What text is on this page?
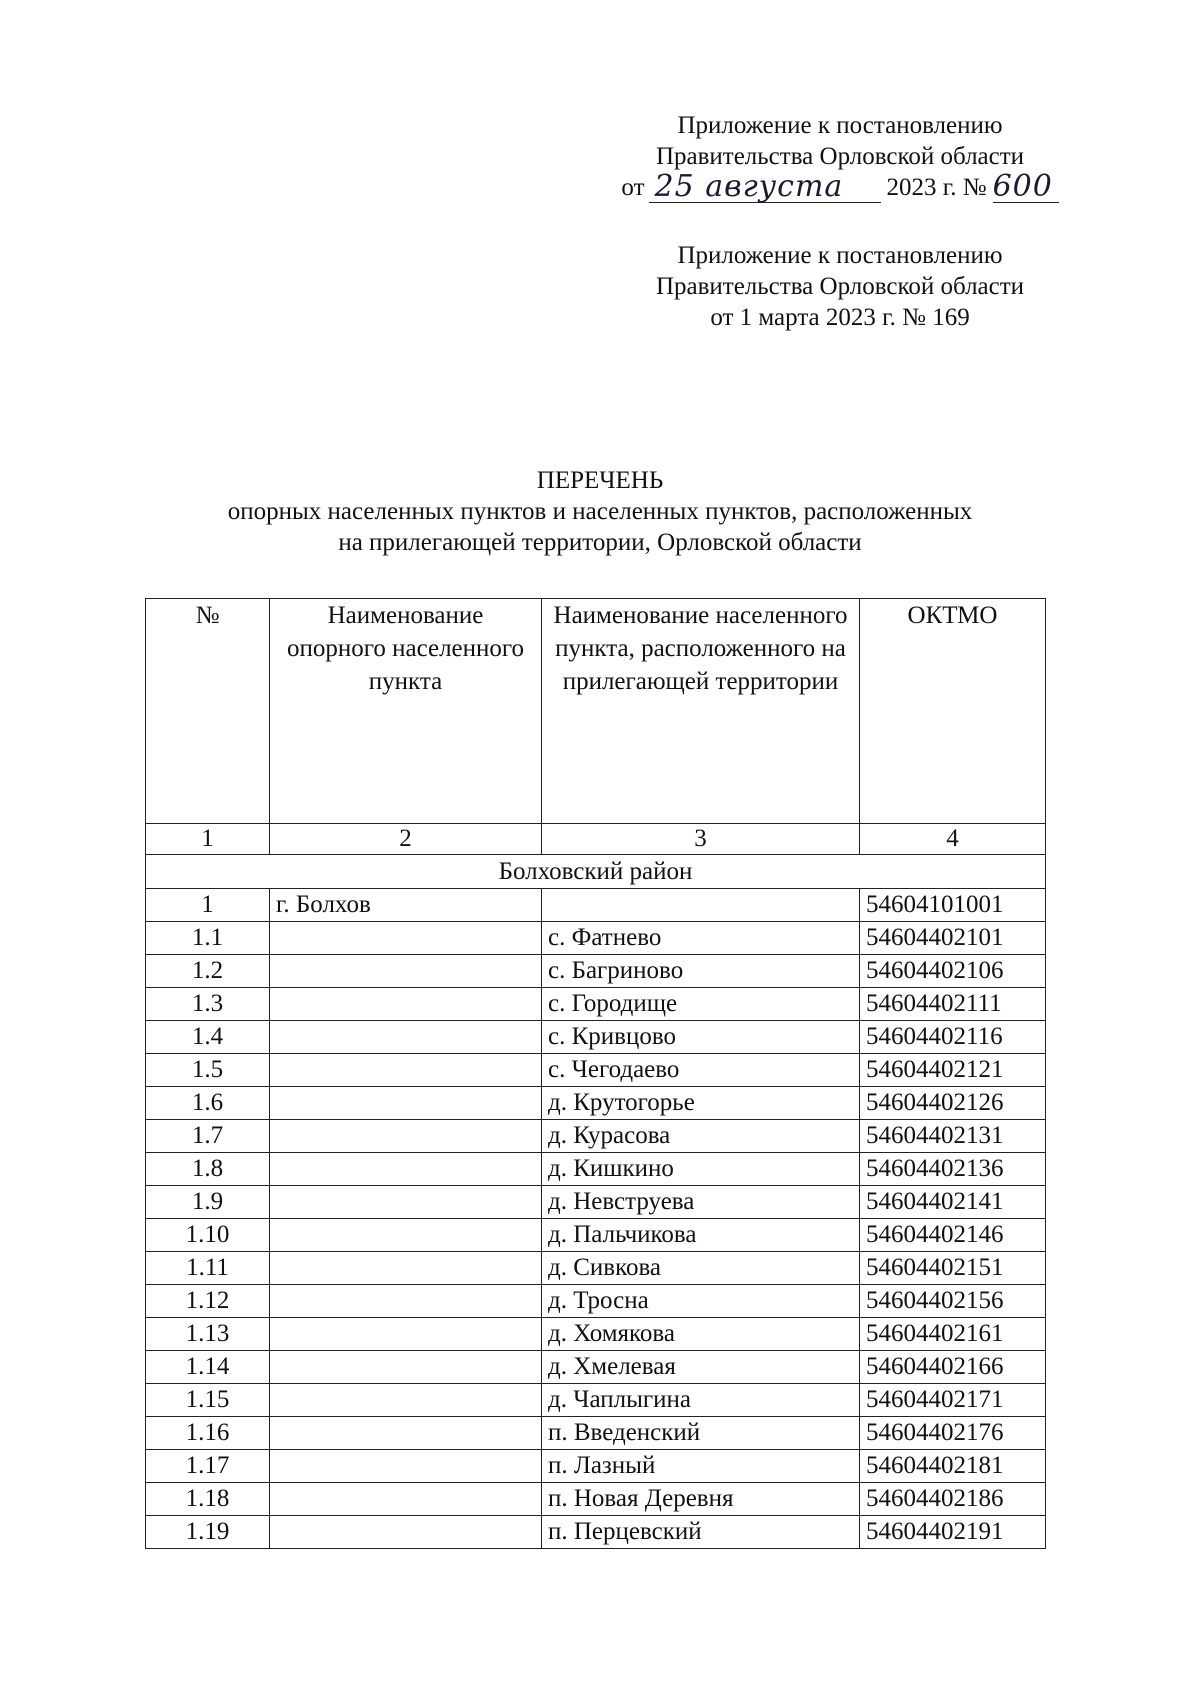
Приложение к постановлению
Правительства Орловской области
от 25 августа	2023 г. № 600
Приложение к постановлению
Правительства Орловской области
от 1 марта 2023 г. № 169
ПЕРЕЧЕНЬ
опорных населенных пунктов и населенных пунктов, расположенных
на прилегающей территории, Орловской области
№	Наименование опорного населенного пункта	Наименование населенного пункта, расположенного на прилегающей территории	ОКТМО
1	2	3	4
Болховский район			
1	г. Болхов		54604101001
1.1		с. Фатнево	54604402101
1.2		с. Багриново	54604402106
1.3		с. Городище	54604402111
1.4		с. Кривцово	54604402116
1.5		с. Чегодаево	54604402121
1.6		д. Крутогорье	54604402126
1.7		д. Курасова	54604402131
1.8		д. Кишкино	54604402136
1.9		д. Невструева	54604402141
1.10		д. Пальчикова	54604402146
1.11		д. Сивкова	54604402151
1.12		д. Тросна	54604402156
1.13		д. Хомякова	54604402161
1.14		д. Хмелевая	54604402166
1.15		д. Чаплыгина	54604402171
1.16		п. Введенский	54604402176
1.17		п. Лазный	54604402181
1.18		п. Новая Деревня	54604402186
1.19		п. Перцевский	54604402191
